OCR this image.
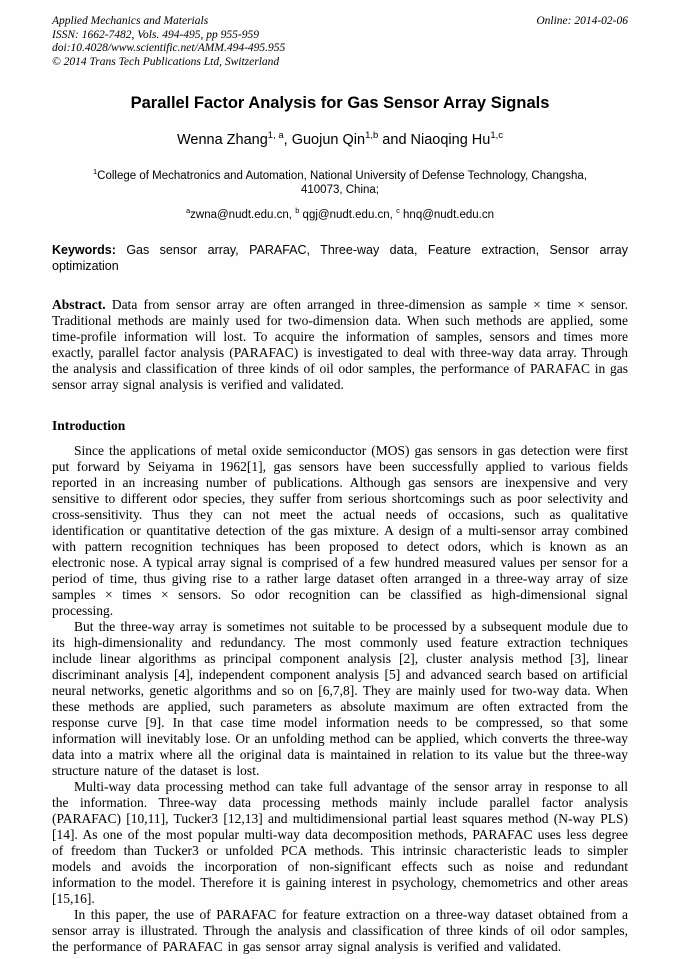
Applied Mechanics and Materials

ISSN: 1662-7482, Vols. 494-495, pp 955-959

doi:10.4028/www.scientific.net/AMM.494-495.955

© 2014 Trans Tech Publications Ltd, Switzerland

Online: 2014-02-06
Parallel Factor Analysis for Gas Sensor Array Signals

Wenna Zhang$^{1, a}$, Guojun Qin$^{1,b}$ and Niaoqing Hu$^{1,c}$

$^1$College of Mechatronics and Automation, National University of Defense Technology, Changsha,
410073, China;

$^a$zwna@nudt.edu.cn, $^b$ qgj@nudt.edu.cn, $^c$ hnq@nudt.edu.cn

Keywords: Gas sensor array, PARAFAC, Three-way data, Feature extraction, Sensor array optimization

Abstract. Data from sensor array are often arranged in three-dimension as sample × time × sensor. Traditional methods are mainly used for two-dimension data. When such methods are applied, some time-profile information will lost. To acquire the information of samples, sensors and times more exactly, parallel factor analysis (PARAFAC) is investigated to deal with three-way data array. Through the analysis and classification of three kinds of oil odor samples, the performance of PARAFAC in gas sensor array signal analysis is verified and validated.

Introduction

Since the applications of metal oxide semiconductor (MOS) gas sensors in gas detection were first put forward by Seiyama in 1962[1], gas sensors have been successfully applied to various fields reported in an increasing number of publications. Although gas sensors are inexpensive and very sensitive to different odor species, they suffer from serious shortcomings such as poor selectivity and cross-sensitivity. Thus they can not meet the actual needs of occasions, such as qualitative identification or quantitative detection of the gas mixture. A design of a multi-sensor array combined with pattern recognition techniques has been proposed to detect odors, which is known as an electronic nose. A typical array signal is comprised of a few hundred measured values per sensor for a period of time, thus giving rise to a rather large dataset often arranged in a three-way array of size samples × times × sensors. So odor recognition can be classified as high-dimensional signal processing.

But the three-way array is sometimes not suitable to be processed by a subsequent module due to its high-dimensionality and redundancy. The most commonly used feature extraction techniques include linear algorithms as principal component analysis [2], cluster analysis method [3], linear discriminant analysis [4], independent component analysis [5] and advanced search based on artificial neural networks, genetic algorithms and so on [6,7,8]. They are mainly used for two-way data. When these methods are applied, such parameters as absolute maximum are often extracted from the response curve [9]. In that case time model information needs to be compressed, so that some information will inevitably lose. Or an unfolding method can be applied, which converts the three-way data into a matrix where all the original data is maintained in relation to its value but the three-way structure nature of the dataset is lost.

Multi-way data processing method can take full advantage of the sensor array in response to all the information. Three-way data processing methods mainly include parallel factor analysis (PARAFAC) [10,11], Tucker3 [12,13] and multidimensional partial least squares method (N-way PLS) [14]. As one of the most popular multi-way data decomposition methods, PARAFAC uses less degree of freedom than Tucker3 or unfolded PCA methods. This intrinsic characteristic leads to simpler models and avoids the incorporation of non-significant effects such as noise and redundant information to the model. Therefore it is gaining interest in psychology, chemometrics and other areas [15,16].

In this paper, the use of PARAFAC for feature extraction on a three-way dataset obtained from a sensor array is illustrated. Through the analysis and classification of three kinds of oil odor samples, the performance of PARAFAC in gas sensor array signal analysis is verified and validated.
